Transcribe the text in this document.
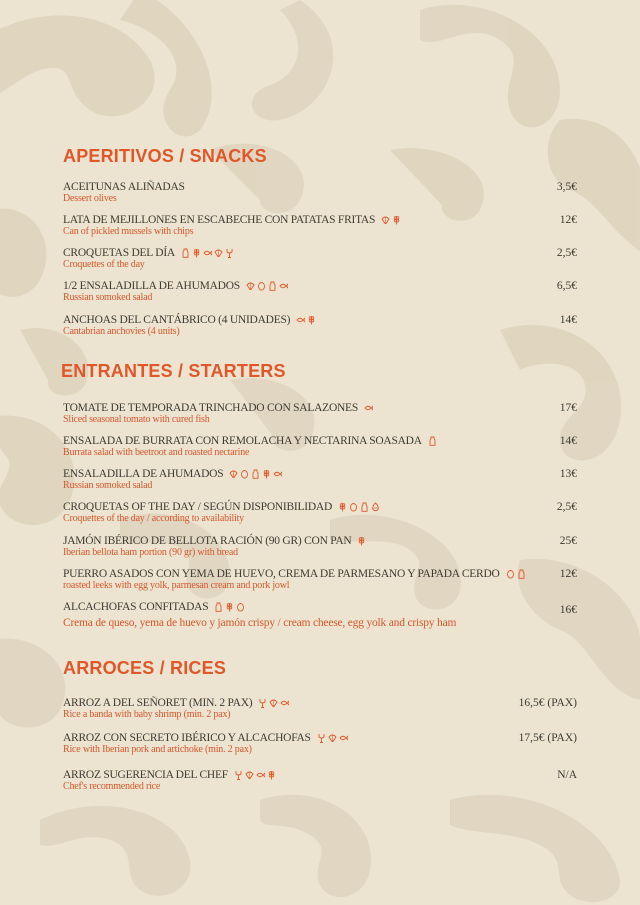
APERITIVOS / SNACKS
ACEITUNAS ALIÑADAS	3,5€
Dessert olives
LATA DE MEJILLONES EN ESCABECHE CON PATATAS FRITAS	12€
Can of pickled mussels with chips
CROQUETAS DEL DÍA	2,5€
Croquettes of the day
1/2 ENSALADILLA DE AHUMADOS	6,5€
Russian somoked salad
ANCHOAS DEL CANTÁBRICO (4 UNIDADES)	14€
Cantabrian anchovies (4 units)
ENTRANTES / STARTERS
TOMATE DE TEMPORADA TRINCHADO CON SALAZONES	17€
Sliced seasonal tomato with cured fish
ENSALADA DE BURRATA CON REMOLACHA Y NECTARINA SOASADA	14€
Burrata salad with beetroot and roasted nectarine
ENSALADILLA DE AHUMADOS	13€
Russian somoked salad
CROQUETAS OF THE DAY / SEGÚN DISPONIBILIDAD	2,5€
Croquettes of the day / according to availability
JAMÓN IBÉRICO DE BELLOTA RACIÓN (90 GR) CON PAN	25€
Iberian bellota ham portion (90 gr) with bread
PUERRO ASADOS CON YEMA DE HUEVO, CREMA DE PARMESANO Y PAPADA CERDO	12€
roasted leeks with egg yolk, parmesan cream and pork jowl
ALCACHOFAS CONFITADAS	16€
Crema de queso, yema de huevo y jamón crispy / cream cheese, egg yolk and crispy ham
ARROCES / RICES
ARROZ A DEL SEÑORET (MIN. 2 PAX)	16,5€ (PAX)
Rice a banda with baby shrimp (min. 2 pax)
ARROZ CON SECRETO IBÉRICO Y ALCACHOFAS	17,5€ (PAX)
Rice with Iberian pork and artichoke (min. 2 pax)
ARROZ SUGERENCIA DEL CHEF	N/A
Chef's recommended rice
